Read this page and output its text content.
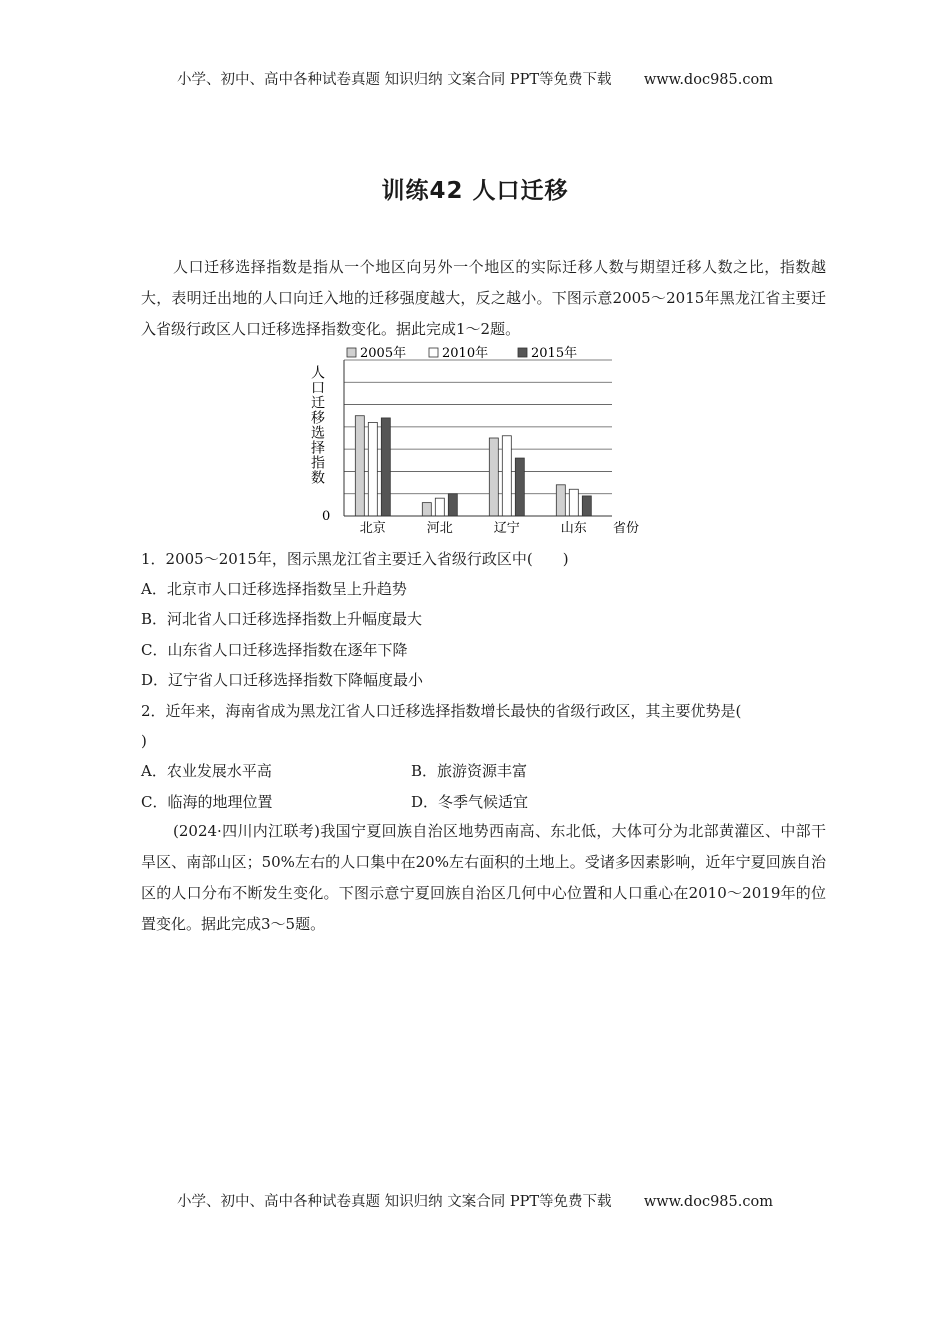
小学、初中、高中各种试卷真题 知识归纳 文案合同 PPT等免费下载 www.doc985.com
训练42 人口迁移

人口迁移选择指数是指从一个地区向另外一个地区的实际迁移人数与期望迁移人数之比，指数越大，表明迁出地的人口向迁入地的迁移强度越大，反之越小。下图示意2005～2015年黑龙江省主要迁入省级行政区人口迁移选择指数变化。据此完成1～2题。

2005年	2010年	2015年
人口迁移选择指数
0
北京	河北	辽宁	山东 省份
1．2005～2015年，图示黑龙江省主要迁入省级行政区中(　　)
A．北京市人口迁移选择指数呈上升趋势
B．河北省人口迁移选择指数上升幅度最大
C．山东省人口迁移选择指数在逐年下降
D．辽宁省人口迁移选择指数下降幅度最小
2．近年来，海南省成为黑龙江省人口迁移选择指数增长最快的省级行政区，其主要优势是(
)
A．农业发展水平高	B．旅游资源丰富
C．临海的地理位置	D．冬季气候适宜

(2024·四川内江联考)我国宁夏回族自治区地势西南高、东北低，大体可分为北部黄灌区、中部干旱区、南部山区；50%左右的人口集中在20%左右面积的土地上。受诸多因素影响，近年宁夏回族自治区的人口分布不断发生变化。下图示意宁夏回族自治区几何中心位置和人口重心在2010～2019年的位置变化。据此完成3～5题。

小学、初中、高中各种试卷真题 知识归纳 文案合同 PPT等免费下载 www.doc985.com
